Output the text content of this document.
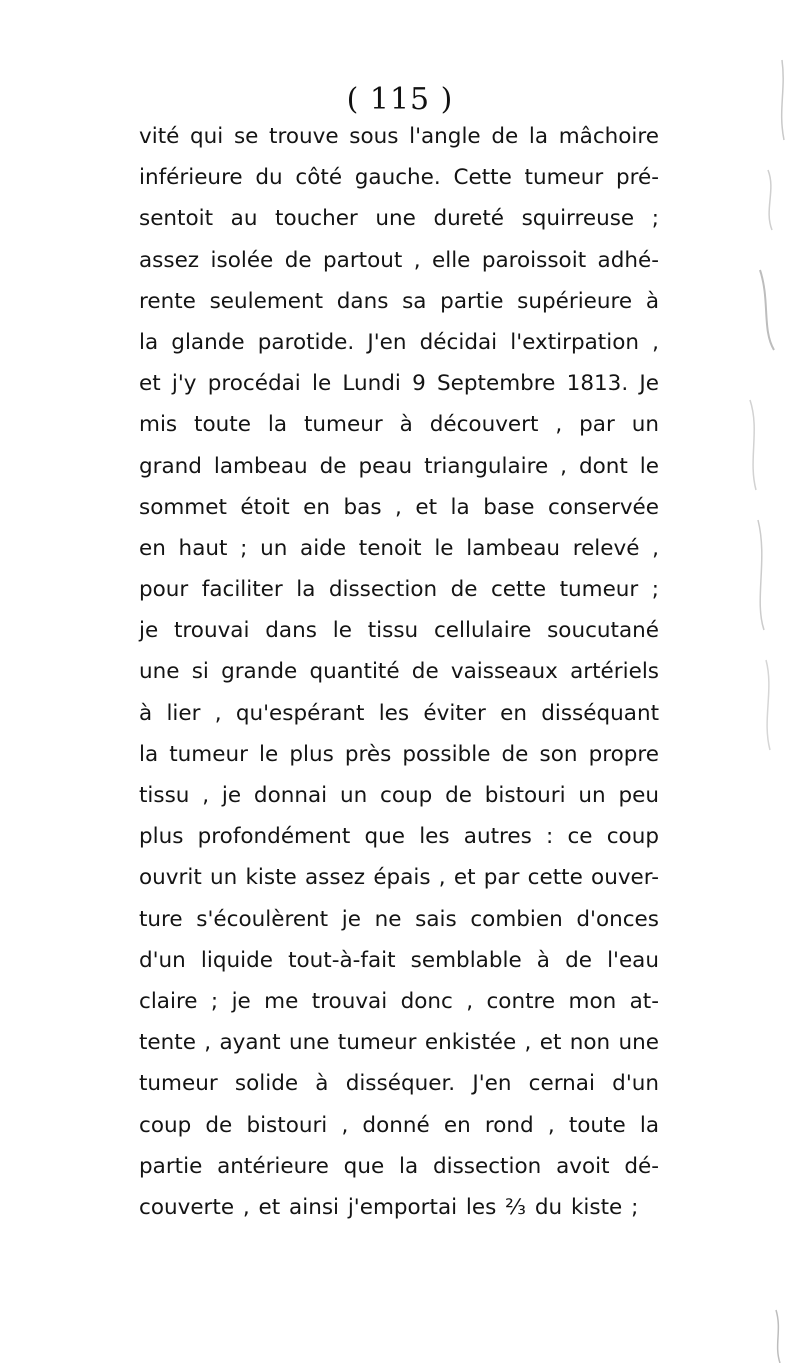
( 115 )
vité qui se trouve sous l'angle de la mâchoire
inférieure du côté gauche. Cette tumeur pré-
sentoit au toucher une dureté squirreuse ;
assez isolée de partout , elle paroissoit adhé-
rente seulement dans sa partie supérieure à
la glande parotide. J'en décidai l'extirpation ,
et j'y procédai le Lundi 9 Septembre 1813. Je
mis toute la tumeur à découvert , par un
grand lambeau de peau triangulaire , dont le
sommet étoit en bas , et la base conservée
en haut ; un aide tenoit le lambeau relevé ,
pour faciliter la dissection de cette tumeur ;
je trouvai dans le tissu cellulaire soucutané
une si grande quantité de vaisseaux artériels
à lier , qu'espérant les éviter en disséquant
la tumeur le plus près possible de son propre
tissu , je donnai un coup de bistouri un peu
plus profondément que les autres : ce coup
ouvrit un kiste assez épais , et par cette ouver-
ture s'écoulèrent je ne sais combien d'onces
d'un liquide tout-à-fait semblable à de l'eau
claire ; je me trouvai donc , contre mon at-
tente , ayant une tumeur enkistée , et non une
tumeur solide à disséquer. J'en cernai d'un
coup de bistouri , donné en rond , toute la
partie antérieure que la dissection avoit dé-
couverte , et ainsi j'emportai les ⅔ du kiste ;
